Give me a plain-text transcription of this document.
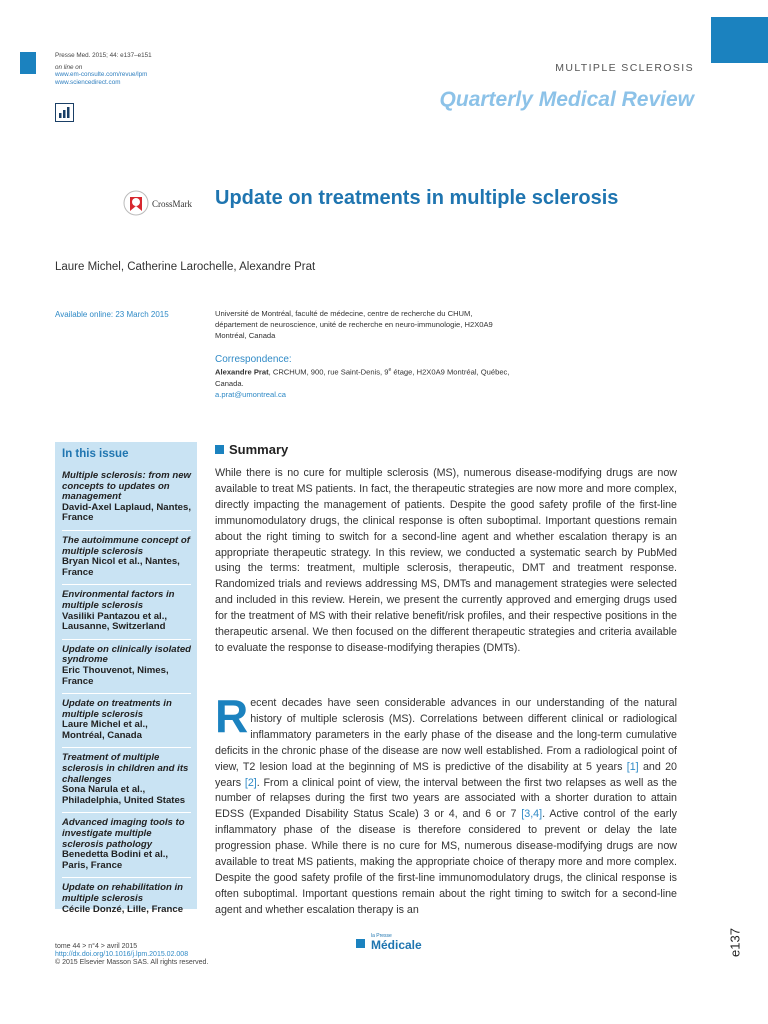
Presse Med. 2015; 44: e137–e151
on line on
www.em-consulte.com/revue/lpm
www.sciencedirect.com
MULTIPLE SCLEROSIS
Quarterly Medical Review
CrossMark Update on treatments in multiple sclerosis
Laure Michel, Catherine Larochelle, Alexandre Prat
Available online: 23 March 2015	Université de Montréal, faculté de médecine, centre de recherche du CHUM,
département de neuroscience, unité de recherche en neuro-immunologie, H2X0A9
Montréal, Canada
Correspondence:
Alexandre Prat, CRCHUM, 900, rue Saint-Denis, 9e étage, H2X0A9 Montréal, Québec,
Canada.
a.prat@umontreal.ca
In this issue
Multiple sclerosis: from new concepts to updates on management
David-Axel Laplaud, Nantes, France
The autoimmune concept of multiple sclerosis
Bryan Nicol et al., Nantes, France
Environmental factors in multiple sclerosis
Vasiliki Pantazou et al., Lausanne, Switzerland
Update on clinically isolated syndrome
Eric Thouvenot, Nimes, France
Update on treatments in multiple sclerosis
Laure Michel et al., Montréal, Canada
Treatment of multiple sclerosis in children and its challenges
Sona Narula et al., Philadelphia, United States
Advanced imaging tools to investigate multiple sclerosis pathology
Benedetta Bodini et al., Paris, France
Update on rehabilitation in multiple sclerosis
Cécile Donzé, Lille, France
Summary
While there is no cure for multiple sclerosis (MS), numerous disease-modifying drugs are now available to treat MS patients. In fact, the therapeutic strategies are now more and more complex, directly impacting the management of patients. Despite the good safety profile of the first-line immunomodulatory drugs, the clinical response is often suboptimal. Important questions remain about the right timing to switch for a second-line agent and whether escalation therapy is an appropriate therapeutic strategy. In this review, we conducted a systematic search by PubMed using the terms: treatment, multiple sclerosis, therapeutic, DMT and treatment response. Randomized trials and reviews addressing MS, DMTs and management strategies were selected and included in this review. Herein, we present the currently approved and emerging drugs used for the treatment of MS with their relative benefit/risk profiles, and their respective positions in the therapeutic arsenal. We then focused on the different therapeutic strategies and criteria available to evaluate the response to disease-modifying therapies (DMTs).
Recent decades have seen considerable advances in our understanding of the natural history of multiple sclerosis (MS). Correlations between different clinical or radiological inflammatory parameters in the early phase of the disease and the long-term cumulative deficits in the chronic phase of the disease are now well established. From a radiological point of view, T2 lesion load at the beginning of MS is predictive of the disability at 5 years [1] and 20 years [2]. From a clinical point of view, the interval between the first two relapses as well as the number of relapses during the first two years are associated with a shorter duration to attain EDSS (Expanded Disability Status Scale) 3 or 4, and 6 or 7 [3,4]. Active control of the early inflammatory phase of the disease is therefore considered to prevent or delay the late progression phase. While there is no cure for MS, numerous disease-modifying drugs are now available to treat MS patients, making the appropriate choice of therapy more and more complex. Despite the good safety profile of the first-line immunomodulatory drugs, the clinical response is often suboptimal. Important questions remain about the right timing to switch for a second-line agent and whether escalation therapy is an
tome 44 > n°4 > avril 2015
http://dx.doi.org/10.1016/j.lpm.2015.02.008
© 2015 Elsevier Masson SAS. All rights reserved.
la Presse
Médicale	e137
